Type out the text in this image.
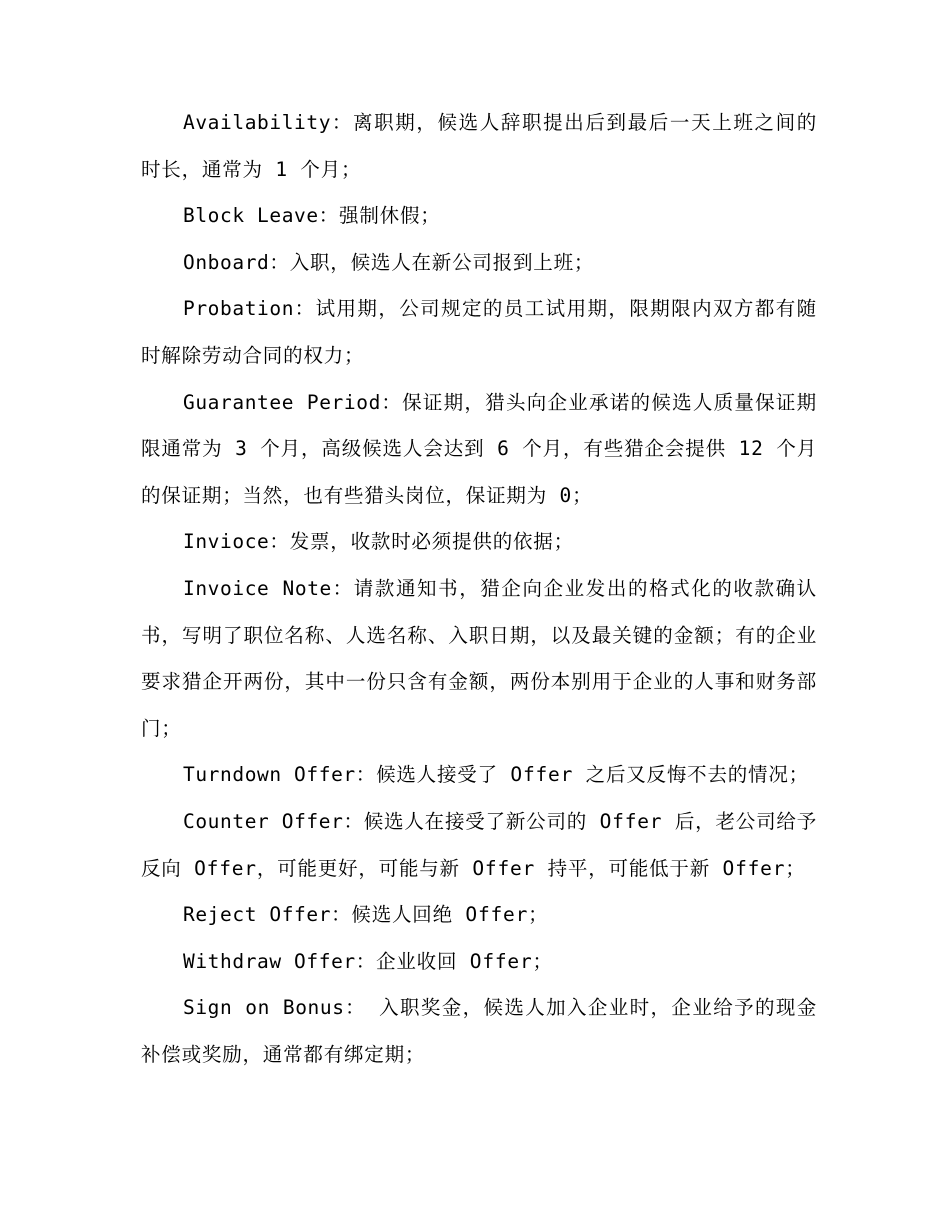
Availability：离职期，候选人辞职提出后到最后一天上班之间的时长，通常为 1 个月；

Block Leave：强制休假；

Onboard：入职，候选人在新公司报到上班；

Probation：试用期，公司规定的员工试用期，限期限内双方都有随时解除劳动合同的权力；

Guarantee Period：保证期，猎头向企业承诺的候选人质量保证期限通常为 3 个月，高级候选人会达到 6 个月，有些猎企会提供 12 个月的保证期；当然，也有些猎头岗位，保证期为 0；

Invioce：发票，收款时必须提供的依据；

Invoice Note：请款通知书，猎企向企业发出的格式化的收款确认书，写明了职位名称、人选名称、入职日期，以及最关键的金额；有的企业要求猎企开两份，其中一份只含有金额，两份本别用于企业的人事和财务部门；

Turndown Offer：候选人接受了 Offer 之后又反悔不去的情况；

Counter Offer：候选人在接受了新公司的 Offer 后，老公司给予反向 Offer，可能更好，可能与新 Offer 持平，可能低于新 Offer；

Reject Offer：候选人回绝 Offer；

Withdraw Offer：企业收回 Offer；

Sign on Bonus： 入职奖金，候选人加入企业时，企业给予的现金补偿或奖励，通常都有绑定期；
